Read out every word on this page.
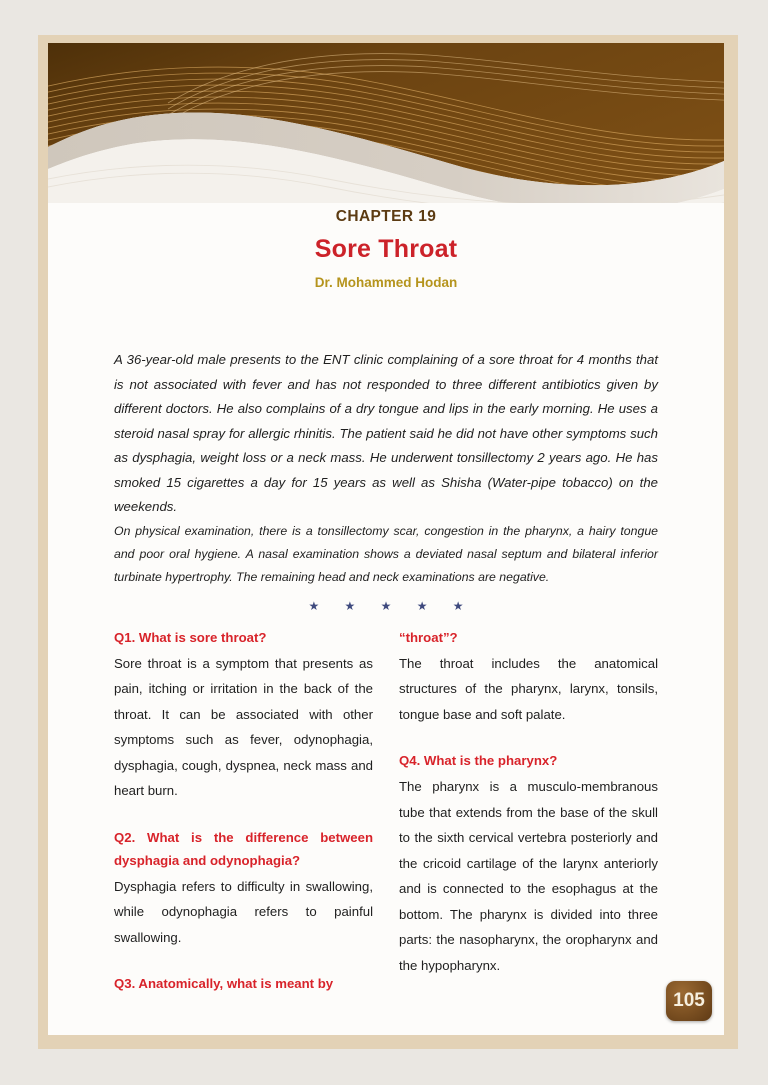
CHAPTER 19

Sore Throat

Dr. Mohammed Hodan

A 36-year-old male presents to the ENT clinic complaining of a sore throat for 4 months that is not associated with fever and has not responded to three different antibiotics given by different doctors. He also complains of a dry tongue and lips in the early morning. He uses a steroid nasal spray for allergic rhinitis. The patient said he did not have other symptoms such as dysphagia, weight loss or a neck mass. He underwent tonsillectomy 2 years ago. He has smoked 15 cigarettes a day for 15 years as well as Shisha (Water-pipe tobacco) on the weekends.

On physical examination, there is a tonsillectomy scar, congestion in the pharynx, a hairy tongue and poor oral hygiene. A nasal examination shows a deviated nasal septum and bilateral inferior turbinate hypertrophy. The remaining head and neck examinations are negative.

★ ★ ★ ★ ★

Q1. What is sore throat?

Sore throat is a symptom that presents as pain, itching or irritation in the back of the throat. It can be associated with other symptoms such as fever, odynophagia, dysphagia, cough, dyspnea, neck mass and heart burn.

Q2. What is the difference between dysphagia and odynophagia?

Dysphagia refers to difficulty in swallowing, while odynophagia refers to painful swallowing.

Q3. Anatomically, what is meant by

“throat”?

The throat includes the anatomical structures of the pharynx, larynx, tonsils, tongue base and soft palate.

Q4. What is the pharynx?

The pharynx is a musculo-membranous tube that extends from the base of the skull to the sixth cervical vertebra posteriorly and the cricoid cartilage of the larynx anteriorly and is connected to the esophagus at the bottom. The pharynx is divided into three parts: the nasopharynx, the oropharynx and the hypopharynx.

105
